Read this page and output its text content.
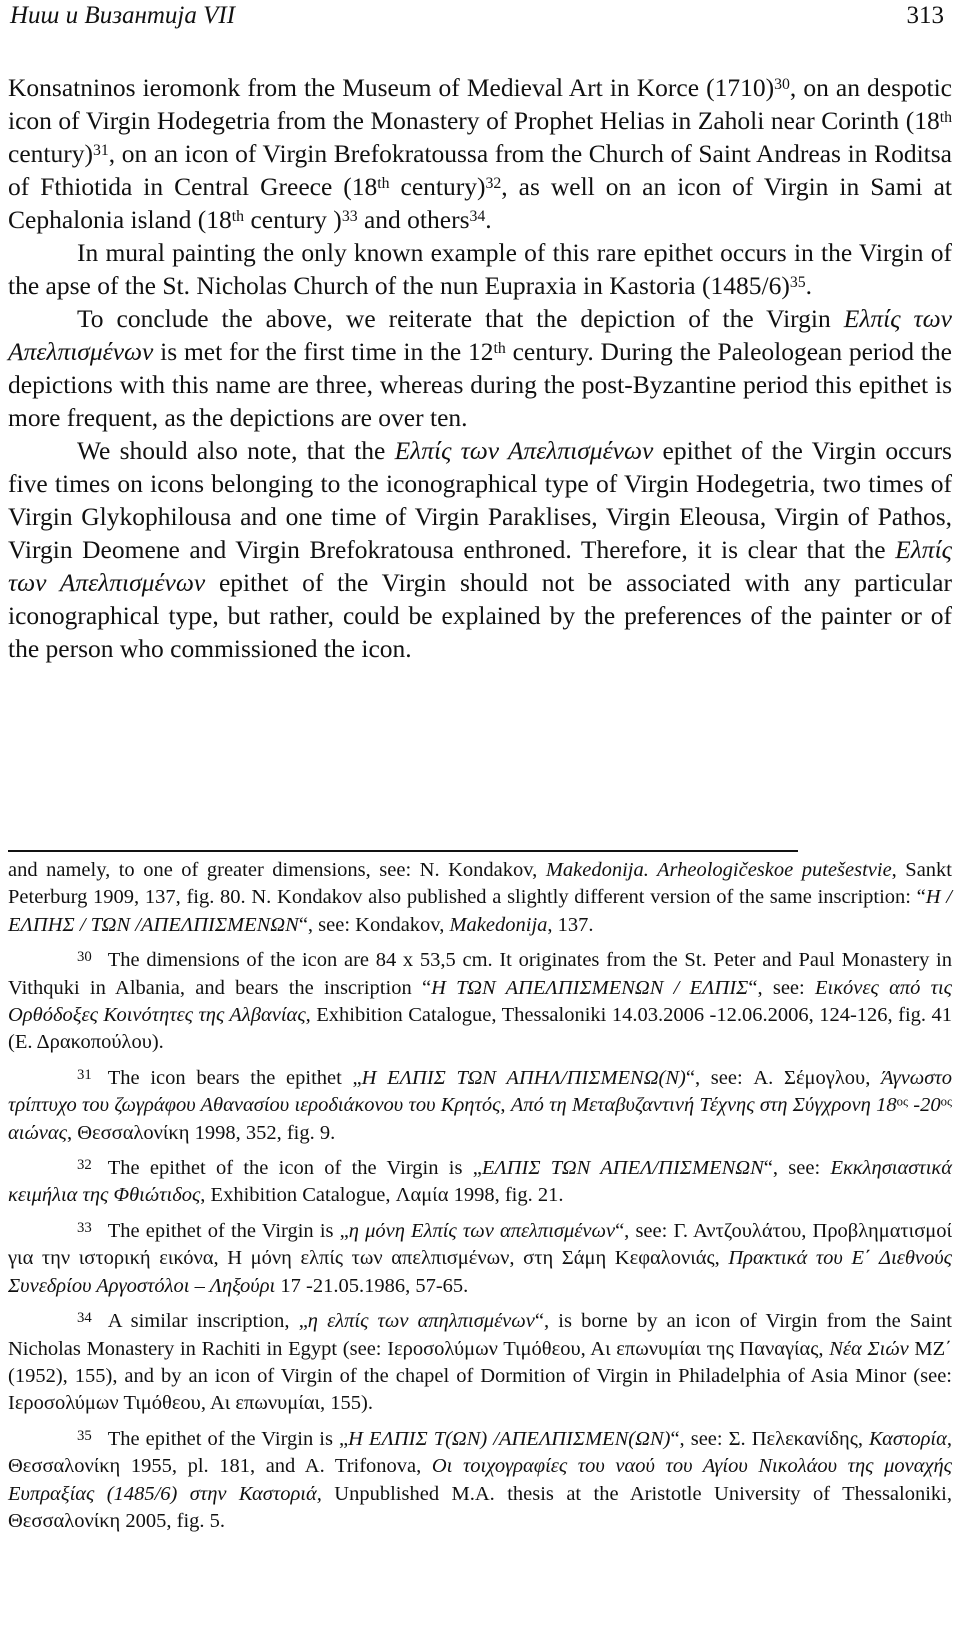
Ниш и Византија VII	313

Konsatninos ieromonk from the Museum of Medieval Art in Korce $(1710)^{30}$, on an despotic icon of Virgin Hodegetria from the Monastery of Prophet Helias in Zaholi near Corinth (18th century)$^{31}$, on an icon of Virgin Brefokratoussa from the Church of Saint Andreas in Roditsa of Fthiotida in Central Greece (18th century)$^{32}$, as well on an icon of Virgin in Sami at Cephalonia island (18th century )$^{33}$ and others$^{34}$.

In mural painting the only known example of this rare epithet occurs in the Virgin of the apse of the St. Nicholas Church of the nun Eupraxia in Kastoria $(1485/6)^{35}$.

To conclude the above, we reiterate that the depiction of the Virgin Ελπίς των Απελπισμένων is met for the first time in the 12th century. During the Paleologean period the depictions with this name are three, whereas during the post-Byzantine period this epithet is more frequent, as the depictions are over ten.

We should also note, that the Ελπίς των Απελπισμένων epithet of the Virgin occurs five times on icons belonging to the iconographical type of Virgin Hodegetria, two times of Virgin Glykophilousa and one time of Virgin Paraklises, Virgin Eleousa, Virgin of Pathos, Virgin Deomene and Virgin Brefokratousa enthroned. Therefore, it is clear that the Ελπίς των Απελπισμένων epithet of the Virgin should not be associated with any particular iconographical type, but rather, could be explained by the preferences of the painter or of the person who commissioned the icon.

and namely, to one of greater dimensions, see: N. Kondakov, Makedonija. Arheologičeskoe putešestvie, Sankt Peterburg 1909, 137, fig. 80. N. Kondakov also published a slightly different version of the same inscription: “Η / ΕΛΠΗΣ / ΤΩΝ /ΑΠΕΛΠΙΣΜΕΝΩΝ“, see: Kondakov, Makedonija, 137.

$^{30}$ The dimensions of the icon are 84 x 53,5 cm. It originates from the St. Peter and Paul Monastery in Vithquki in Albania, and bears the inscription “Η ΤΩΝ ΑΠΕΛΠΙΣΜΕΝΩΝ / ΕΛΠΙΣ“, see: Εικόνες από τις Ορθόδοξες Κοινότητες της Αλβανίας, Exhibition Catalogue, Thessaloniki 14.03.2006 -12.06.2006, 124-126, fig. 41 (Ε. Δρακοπούλου).

$^{31}$ The icon bears the epithet „Η ΕΛΠΙΣ ΤΩΝ ΑΠΗΛ/ΠΙΣΜΕΝΩ(Ν)“, see: Α. Σέμογλου, Άγνωστο τρίπτυχο του ζωγράφου Αθανασίου ιεροδιάκονου του Κρητός, Από τη Μεταβυζαντινή Τέχνης στη Σύγχρονη $18^{o\varsigma}$ $-20^{o\varsigma}$ αιώνας, Θεσσαλονίκη 1998, 352, fig. 9.

$^{32}$ The epithet of the icon of the Virgin is „ΕΛΠΙΣ ΤΩΝ ΑΠΕΛ/ΠΙΣΜΕΝΩΝ“, see: Εκκλησιαστικά κειμήλια της Φθιώτιδος, Exhibition Catalogue, Λαμία 1998, fig. 21.

$^{33}$ The epithet of the Virgin is „η μόνη Ελπίς των απελπισμένων“, see: Γ. Αντζουλάτου, Προβληματισμοί για την ιστορική εικόνα, Η μόνη ελπίς των απελπισμένων, στη Σάμη Κεφαλονιάς, Πρακτικά του Ε΄ Διεθνούς Συνεδρίου Αργοστόλοι – Ληξούρι 17 -21.05.1986, 57-65.

$^{34}$ A similar inscription, „η ελπίς των απηλπισμένων“, is borne by an icon of Virgin from the Saint Nicholas Monastery in Rachiti in Egypt (see: Ιεροσολύμων Τιμόθεου, Αι επωνυμίαι της Παναγίας, Νέα Σιών ΜΖ΄ (1952), 155), and by an icon of Virgin of the chapel of Dormition of Virgin in Philadelphia of Asia Minor (see: Ιεροσολύμων Τιμόθεου, Αι επωνυμίαι, 155).

$^{35}$ The epithet of the Virgin is „Η ΕΛΠΙΣ Τ(ΩΝ) /ΑΠΕΛΠΙΣΜΕΝ(ΩΝ)“, see: Σ. Πελεκανίδης, Καστορία, Θεσσαλονίκη 1955, pl. 181, and A. Trifonova, Οι τοιχογραφίες του ναού του Αγίου Νικολάου της μοναχής Ευπραξίας (1485/6) στην Καστοριά, Unpublished M.A. thesis at the Aristotle University of Thessaloniki, Θεσσαλονίκη 2005, fig. 5.
